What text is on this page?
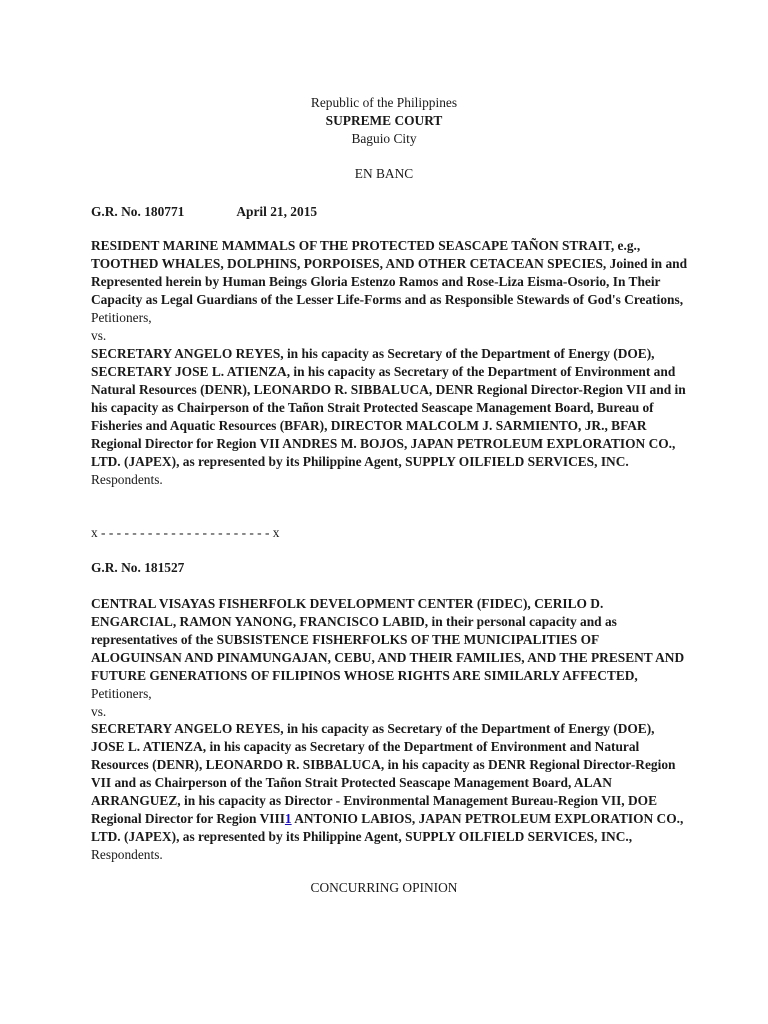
Republic of the Philippines
SUPREME COURT
Baguio City
EN BANC
G.R. No. 180771	April 21, 2015
RESIDENT MARINE MAMMALS OF THE PROTECTED SEASCAPE TAÑON STRAIT, e.g., TOOTHED WHALES, DOLPHINS, PORPOISES, AND OTHER CETACEAN SPECIES, Joined in and Represented herein by Human Beings Gloria Estenzo Ramos and Rose-Liza Eisma-Osorio, In Their Capacity as Legal Guardians of the Lesser Life-Forms and as Responsible Stewards of God's Creations, Petitioners,
vs.
SECRETARY ANGELO REYES, in his capacity as Secretary of the Department of Energy (DOE), SECRETARY JOSE L. ATIENZA, in his capacity as Secretary of the Department of Environment and Natural Resources (DENR), LEONARDO R. SIBBALUCA, DENR Regional Director-Region VII and in his capacity as Chairperson of the Tañon Strait Protected Seascape Management Board, Bureau of Fisheries and Aquatic Resources (BFAR), DIRECTOR MALCOLM J. SARMIENTO, JR., BFAR Regional Director for Region VII ANDRES M. BOJOS, JAPAN PETROLEUM EXPLORATION CO., LTD. (JAPEX), as represented by its Philippine Agent, SUPPLY OILFIELD SERVICES, INC.
Respondents.
x - - - - - - - - - - - - - - - - - - - - - - x
G.R. No. 181527
CENTRAL VISAYAS FISHERFOLK DEVELOPMENT CENTER (FIDEC), CERILO D. ENGARCIAL, RAMON YANONG, FRANCISCO LABID, in their personal capacity and as representatives of the SUBSISTENCE FISHERFOLKS OF THE MUNICIPALITIES OF ALOGUINSAN AND PINAMUNGAJAN, CEBU, AND THEIR FAMILIES, AND THE PRESENT AND FUTURE GENERATIONS OF FILIPINOS WHOSE RIGHTS ARE SIMILARLY AFFECTED, Petitioners,
vs.
SECRETARY ANGELO REYES, in his capacity as Secretary of the Department of Energy (DOE), JOSE L. ATIENZA, in his capacity as Secretary of the Department of Environment and Natural Resources (DENR), LEONARDO R. SIBBALUCA, in his capacity as DENR Regional Director-Region VII and as Chairperson of the Tañon Strait Protected Seascape Management Board, ALAN ARRANGUEZ, in his capacity as Director - Environmental Management Bureau-Region VII, DOE Regional Director for Region VIII1 ANTONIO LABIOS, JAPAN PETROLEUM EXPLORATION CO., LTD. (JAPEX), as represented by its Philippine Agent, SUPPLY OILFIELD SERVICES, INC., Respondents.
CONCURRING OPINION
